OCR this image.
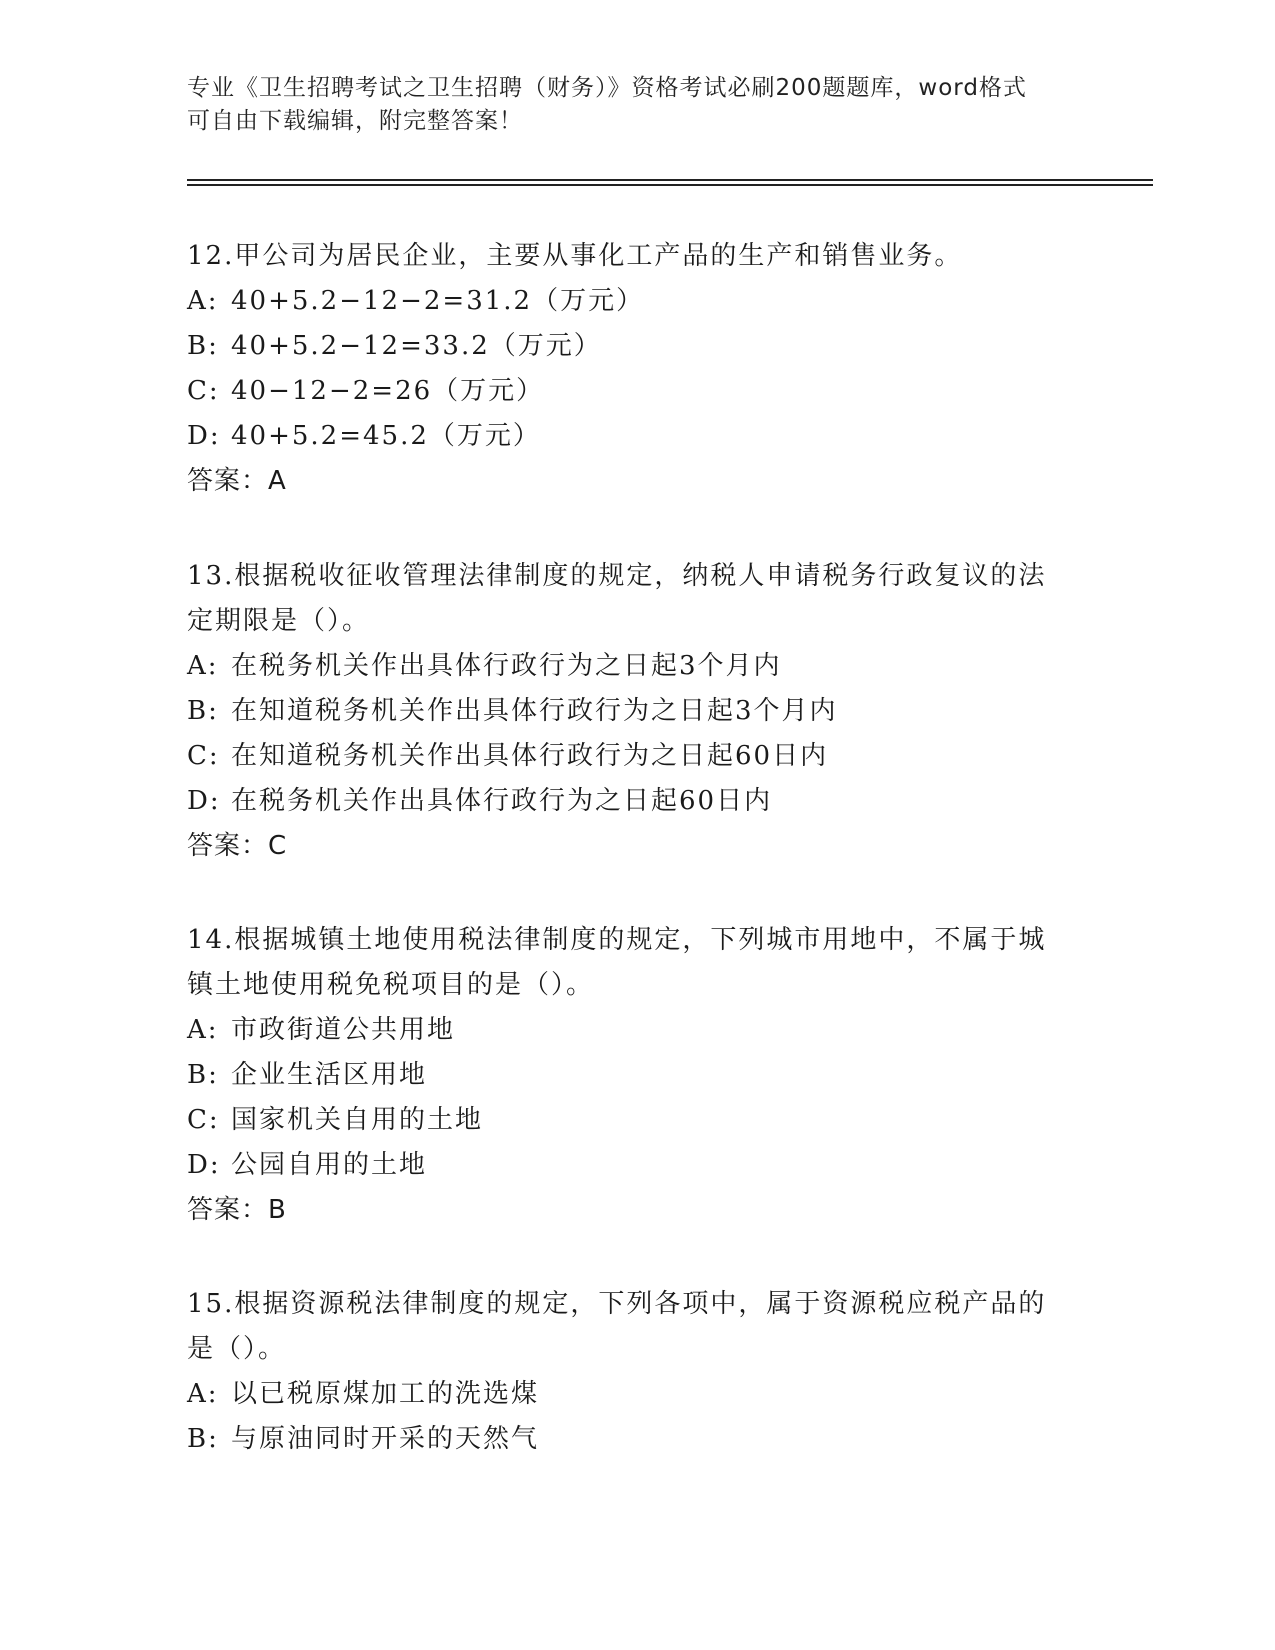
专业《卫生招聘考试之卫生招聘（财务）》资格考试必刷200题题库，word格式
可自由下载编辑，附完整答案！
12.甲公司为居民企业，主要从事化工产品的生产和销售业务。
A: 40+5.2−12−2=31.2（万元）
B: 40+5.2−12=33.2（万元）
C: 40−12−2=26（万元）
D: 40+5.2=45.2（万元）
答案：A
13.根据税收征收管理法律制度的规定，纳税人申请税务行政复议的法
定期限是（）。
A: 在税务机关作出具体行政行为之日起3个月内
B: 在知道税务机关作出具体行政行为之日起3个月内
C: 在知道税务机关作出具体行政行为之日起60日内
D: 在税务机关作出具体行政行为之日起60日内
答案：C
14.根据城镇土地使用税法律制度的规定，下列城市用地中，不属于城
镇土地使用税免税项目的是（）。
A: 市政街道公共用地
B: 企业生活区用地
C: 国家机关自用的土地
D: 公园自用的土地
答案：B
15.根据资源税法律制度的规定，下列各项中，属于资源税应税产品的
是（）。
A: 以已税原煤加工的洗选煤
B: 与原油同时开采的天然气
